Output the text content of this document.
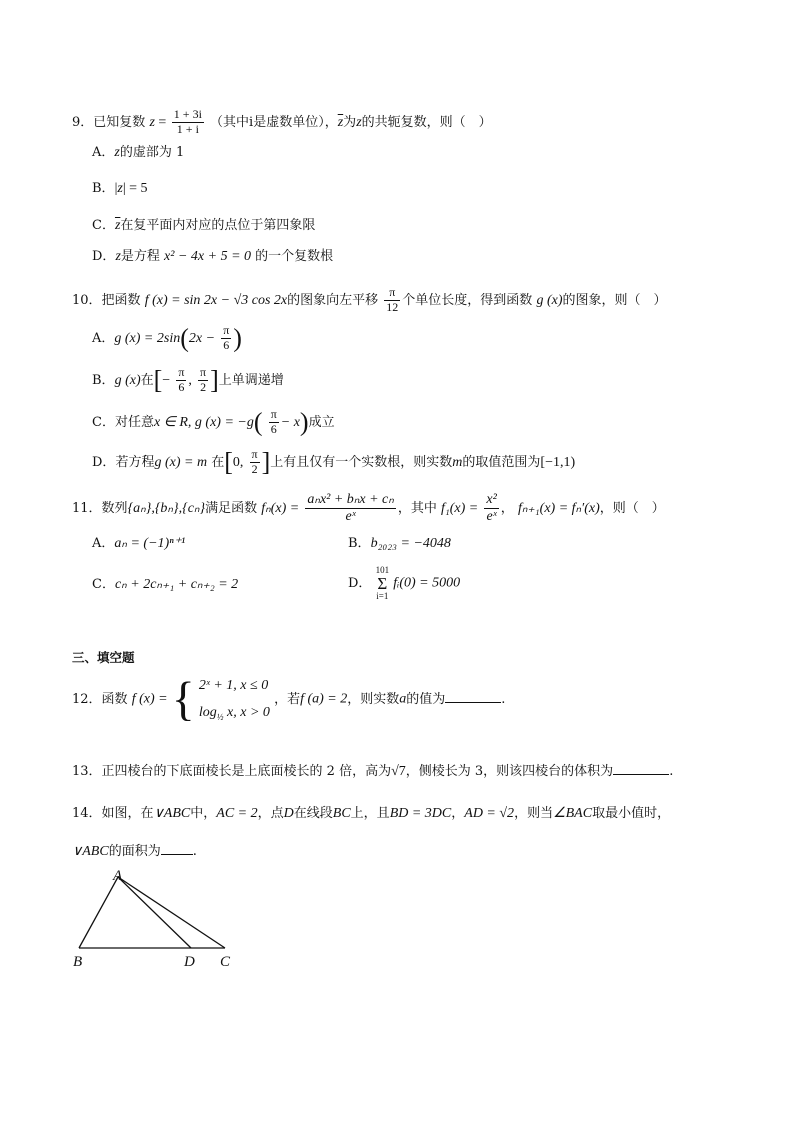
9．已知复数 $z = \frac{1 + 3i}{1 + i}$ （其中i是虚数单位），$\overline{z}$为z的共轭复数，则（　）
A．z的虚部为 1
B．|z| = 5
C．$\overline{z}$在复平面内对应的点位于第四象限
D．z是方程 x² − 4x + 5 = 0 的一个复数根
10．把函数 f (x) = sin 2x − √3 cos 2x的图象向左平移 $\frac{\pi}{12}$ 个单位长度，得到函数 g (x)的图象，则（　）
A．g $(x) = 2\sin(2x - \frac{\pi}{6}$ )
B．g (x)在[− $\frac{\pi}{6}$ , $\frac{\pi}{2}$ ]上单调递增
C．对任意x ∈ R, g $(x) = -g( \frac{\pi}{6} - x)$成立
D．若方程g (x) = m 在[0, $\frac{\pi}{2}$ ]上有且仅有一个实数根，则实数m的取值范围为[−1,1)
11．数列{aₙ},{bₙ},{cₙ}满足函数 $f_n(x) = \frac{\text{aₙx² + bₙx + cₙ}}{\text{eˣ}}$ ，其中 $f_1(x) = \frac{\text{x²}}{\text{eˣ}}$ ， fₙ₊₁(x) = fₙ′(x)，则（　）
A．aₙ = (−1)ⁿ⁺¹	B．b₂₀₂₃ = −4048
C．cₙ + 2cₙ₊₁ + cₙ₊₂ = 2	D．
101
Σ
i=1
fᵢ(0) = 5000
三、填空题
12．函数 f (x) = { 2ˣ + 1, x ≤ 0
$\log_{\frac{1}{2}} x$, x > 0
，若f (a) = 2，则实数a的值为	.
13．正四棱台的下底面棱长是上底面棱长的 2 倍，高为√7，侧棱长为 3，则该四棱台的体积为	.
14．如图，在∨ABC中，AC = 2，点D在线段BC上，且BD = 3DC，AD = √2，则当∠BAC取最小值时，
∨ABC的面积为 .
A
B	D C
